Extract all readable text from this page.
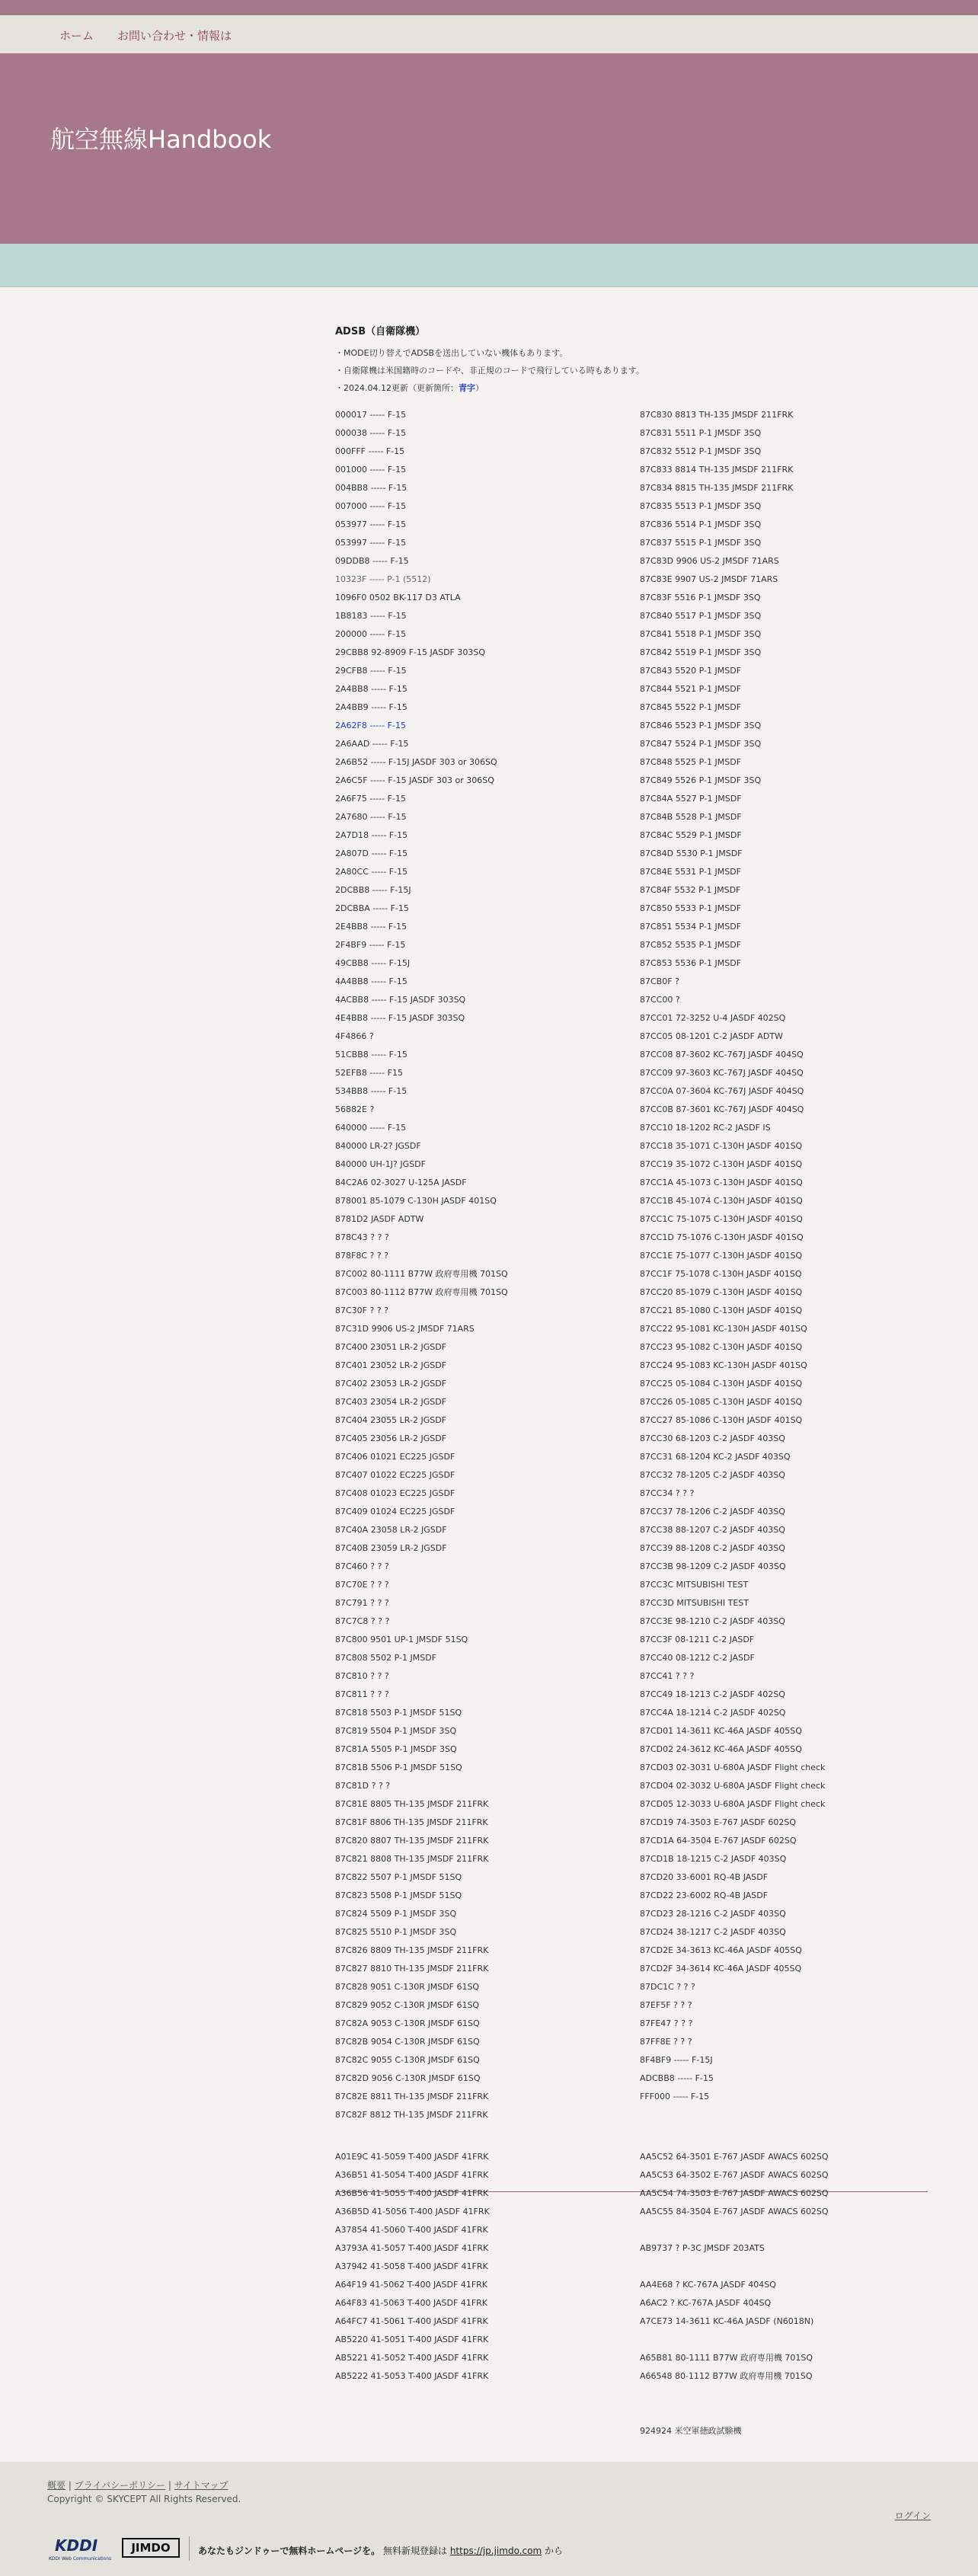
ホーム お問い合わせ・情報は
航空無線Handbook
ADSB（自衛隊機）
・MODE切り替えでADSBを送出していない機体もあります。
・自衛隊機は米国籍時のコードや、非正規のコードで飛行している時もあります。
・2024.04.12更新（更新箇所：青字）
000017 ----- F-15
000038 ----- F-15
000FFF ----- F-15
001000 ----- F-15
004BB8 ----- F-15
007000 ----- F-15
053977 ----- F-15
053997 ----- F-15
09DDB8 ----- F-15
10323F ----- P-1 (5512)
1096F0 0502 BK-117 D3 ATLA
1B8183 ----- F-15
200000 ----- F-15
29CBB8 92-8909 F-15 JASDF 303SQ
29CFB8 ----- F-15
2A4BB8 ----- F-15
2A4BB9 ----- F-15
2A62F8 ----- F-15
2A6AAD ----- F-15
2A6B52 ----- F-15J JASDF 303 or 306SQ
2A6C5F ----- F-15 JASDF 303 or 306SQ
2A6F75 ----- F-15
2A7680 ----- F-15
2A7D18 ----- F-15
2A807D ----- F-15
2A80CC ----- F-15
2DCBB8 ----- F-15J
2DCBBA ----- F-15
2E4BB8 ----- F-15
2F4BF9 ----- F-15
49CBB8 ----- F-15J
4A4BB8 ----- F-15
4ACBB8 ----- F-15 JASDF 303SQ
4E4BB8 ----- F-15 JASDF 303SQ
4F4866 ?
51CBB8 ----- F-15
52EFB8 ----- F15
534BB8 ----- F-15
56882E ?
640000 ----- F-15
840000 LR-2? JGSDF
840000 UH-1J? JGSDF
84C2A6 02-3027 U-125A JASDF
878001 85-1079 C-130H JASDF 401SQ
8781D2 JASDF ADTW
878C43 ? ? ?
878F8C ? ? ?
87C002 80-1111 B77W 政府専用機 701SQ
87C003 80-1112 B77W 政府専用機 701SQ
87C30F ? ? ?
87C31D 9906 US-2 JMSDF 71ARS
87C400 23051 LR-2 JGSDF
87C401 23052 LR-2 JGSDF
87C402 23053 LR-2 JGSDF
87C403 23054 LR-2 JGSDF
87C404 23055 LR-2 JGSDF
87C405 23056 LR-2 JGSDF
87C406 01021 EC225 JGSDF
87C407 01022 EC225 JGSDF
87C408 01023 EC225 JGSDF
87C409 01024 EC225 JGSDF
87C40A 23058 LR-2 JGSDF
87C40B 23059 LR-2 JGSDF
87C460 ? ? ?
87C70E ? ? ?
87C791 ? ? ?
87C7C8 ? ? ?
87C800 9501 UP-1 JMSDF 51SQ
87C808 5502 P-1 JMSDF
87C810 ? ? ?
87C811 ? ? ?
87C818 5503 P-1 JMSDF 51SQ
87C819 5504 P-1 JMSDF 3SQ
87C81A 5505 P-1 JMSDF 3SQ
87C81B 5506 P-1 JMSDF 51SQ
87C81D ? ? ?
87C81E 8805 TH-135 JMSDF 211FRK
87C81F 8806 TH-135 JMSDF 211FRK
87C820 8807 TH-135 JMSDF 211FRK
87C821 8808 TH-135 JMSDF 211FRK
87C822 5507 P-1 JMSDF 51SQ
87C823 5508 P-1 JMSDF 51SQ
87C824 5509 P-1 JMSDF 3SQ
87C825 5510 P-1 JMSDF 3SQ
87C826 8809 TH-135 JMSDF 211FRK
87C827 8810 TH-135 JMSDF 211FRK
87C828 9051 C-130R JMSDF 61SQ
87C829 9052 C-130R JMSDF 61SQ
87C82A 9053 C-130R JMSDF 61SQ
87C82B 9054 C-130R JMSDF 61SQ
87C82C 9055 C-130R JMSDF 61SQ
87C82D 9056 C-130R JMSDF 61SQ
87C82E 8811 TH-135 JMSDF 211FRK
87C82F 8812 TH-135 JMSDF 211FRK
87C830 8813 TH-135 JMSDF 211FRK
87C831 5511 P-1 JMSDF 3SQ
87C832 5512 P-1 JMSDF 3SQ
87C833 8814 TH-135 JMSDF 211FRK
87C834 8815 TH-135 JMSDF 211FRK
87C835 5513 P-1 JMSDF 3SQ
87C836 5514 P-1 JMSDF 3SQ
87C837 5515 P-1 JMSDF 3SQ
87C83D 9906 US-2 JMSDF 71ARS
87C83E 9907 US-2 JMSDF 71ARS
87C83F 5516 P-1 JMSDF 3SQ
87C840 5517 P-1 JMSDF 3SQ
87C841 5518 P-1 JMSDF 3SQ
87C842 5519 P-1 JMSDF 3SQ
87C843 5520 P-1 JMSDF
87C844 5521 P-1 JMSDF
87C845 5522 P-1 JMSDF
87C846 5523 P-1 JMSDF 3SQ
87C847 5524 P-1 JMSDF 3SQ
87C848 5525 P-1 JMSDF
87C849 5526 P-1 JMSDF 3SQ
87C84A 5527 P-1 JMSDF
87C84B 5528 P-1 JMSDF
87C84C 5529 P-1 JMSDF
87C84D 5530 P-1 JMSDF
87C84E 5531 P-1 JMSDF
87C84F 5532 P-1 JMSDF
87C850 5533 P-1 JMSDF
87C851 5534 P-1 JMSDF
87C852 5535 P-1 JMSDF
87C853 5536 P-1 JMSDF
87CB0F ?
87CC00 ?
87CC01 72-3252 U-4 JASDF 402SQ
87CC05 08-1201 C-2 JASDF ADTW
87CC08 87-3602 KC-767J JASDF 404SQ
87CC09 97-3603 KC-767J JASDF 404SQ
87CC0A 07-3604 KC-767J JASDF 404SQ
87CC0B 87-3601 KC-767J JASDF 404SQ
87CC10 18-1202 RC-2 JASDF IS
87CC18 35-1071 C-130H JASDF 401SQ
87CC19 35-1072 C-130H JASDF 401SQ
87CC1A 45-1073 C-130H JASDF 401SQ
87CC1B 45-1074 C-130H JASDF 401SQ
87CC1C 75-1075 C-130H JASDF 401SQ
87CC1D 75-1076 C-130H JASDF 401SQ
87CC1E 75-1077 C-130H JASDF 401SQ
87CC1F 75-1078 C-130H JASDF 401SQ
87CC20 85-1079 C-130H JASDF 401SQ
87CC21 85-1080 C-130H JASDF 401SQ
87CC22 95-1081 KC-130H JASDF 401SQ
87CC23 95-1082 C-130H JASDF 401SQ
87CC24 95-1083 KC-130H JASDF 401SQ
87CC25 05-1084 C-130H JASDF 401SQ
87CC26 05-1085 C-130H JASDF 401SQ
87CC27 85-1086 C-130H JASDF 401SQ
87CC30 68-1203 C-2 JASDF 403SQ
87CC31 68-1204 KC-2 JASDF 403SQ
87CC32 78-1205 C-2 JASDF 403SQ
87CC34 ? ? ?
87CC37 78-1206 C-2 JASDF 403SQ
87CC38 88-1207 C-2 JASDF 403SQ
87CC39 88-1208 C-2 JASDF 403SQ
87CC3B 98-1209 C-2 JASDF 403SQ
87CC3C MITSUBISHI TEST
87CC3D MITSUBISHI TEST
87CC3E 98-1210 C-2 JASDF 403SQ
87CC3F 08-1211 C-2 JASDF
87CC40 08-1212 C-2 JASDF
87CC41 ? ? ?
87CC49 18-1213 C-2 JASDF 402SQ
87CC4A 18-1214 C-2 JASDF 402SQ
87CD01 14-3611 KC-46A JASDF 405SQ
87CD02 24-3612 KC-46A JASDF 405SQ
87CD03 02-3031 U-680A JASDF Flight check
87CD04 02-3032 U-680A JASDF Flight check
87CD05 12-3033 U-680A JASDF Flight check
87CD19 74-3503 E-767 JASDF 602SQ
87CD1A 64-3504 E-767 JASDF 602SQ
87CD1B 18-1215 C-2 JASDF 403SQ
87CD20 33-6001 RQ-4B JASDF
87CD22 23-6002 RQ-4B JASDF
87CD23 28-1216 C-2 JASDF 403SQ
87CD24 38-1217 C-2 JASDF 403SQ
87CD2E 34-3613 KC-46A JASDF 405SQ
87CD2F 34-3614 KC-46A JASDF 405SQ
87DC1C ? ? ?
87EF5F ? ? ?
87FE47 ? ? ?
87FF8E ? ? ?
8F4BF9 ----- F-15J
ADCBB8 ----- F-15
FFF000 ----- F-15
A01E9C 41-5059 T-400 JASDF 41FRK
A36B51 41-5054 T-400 JASDF 41FRK
A36B56 41-5055 T-400 JASDF 41FRK
A36B5D 41-5056 T-400 JASDF 41FRK
A37854 41-5060 T-400 JASDF 41FRK
A3793A 41-5057 T-400 JASDF 41FRK
A37942 41-5058 T-400 JASDF 41FRK
A64F19 41-5062 T-400 JASDF 41FRK
A64F83 41-5063 T-400 JASDF 41FRK
A64FC7 41-5061 T-400 JASDF 41FRK
AB5220 41-5051 T-400 JASDF 41FRK
AB5221 41-5052 T-400 JASDF 41FRK
AB5222 41-5053 T-400 JASDF 41FRK
AA5C52 64-3501 E-767 JASDF AWACS 602SQ
AA5C53 64-3502 E-767 JASDF AWACS 602SQ
AA5C54 74-3503 E-767 JASDF AWACS 602SQ
AA5C55 84-3504 E-767 JASDF AWACS 602SQ
AB9737 ? P-3C JMSDF 203ATS
AA4E68 ? KC-767A JASDF 404SQ
A6AC2 ? KC-767A JASDF 404SQ
A7CE73 14-3611 KC-46A JASDF (N6018N)
A65B81 80-1111 B77W 政府専用機 701SQ
A66548 80-1112 B77W 政府専用機 701SQ
924924 米空軍徳政試験機
概要 | プライバシーポリシー | サイトマップ
Copyright © SKYCEPT All Rights Reserved.
ログイン
KDDI
KDDI Web Communications
JIMDO	あなたもジンドゥーで無料ホームページを。 無料新規登録は https://jp.jimdo.com から
